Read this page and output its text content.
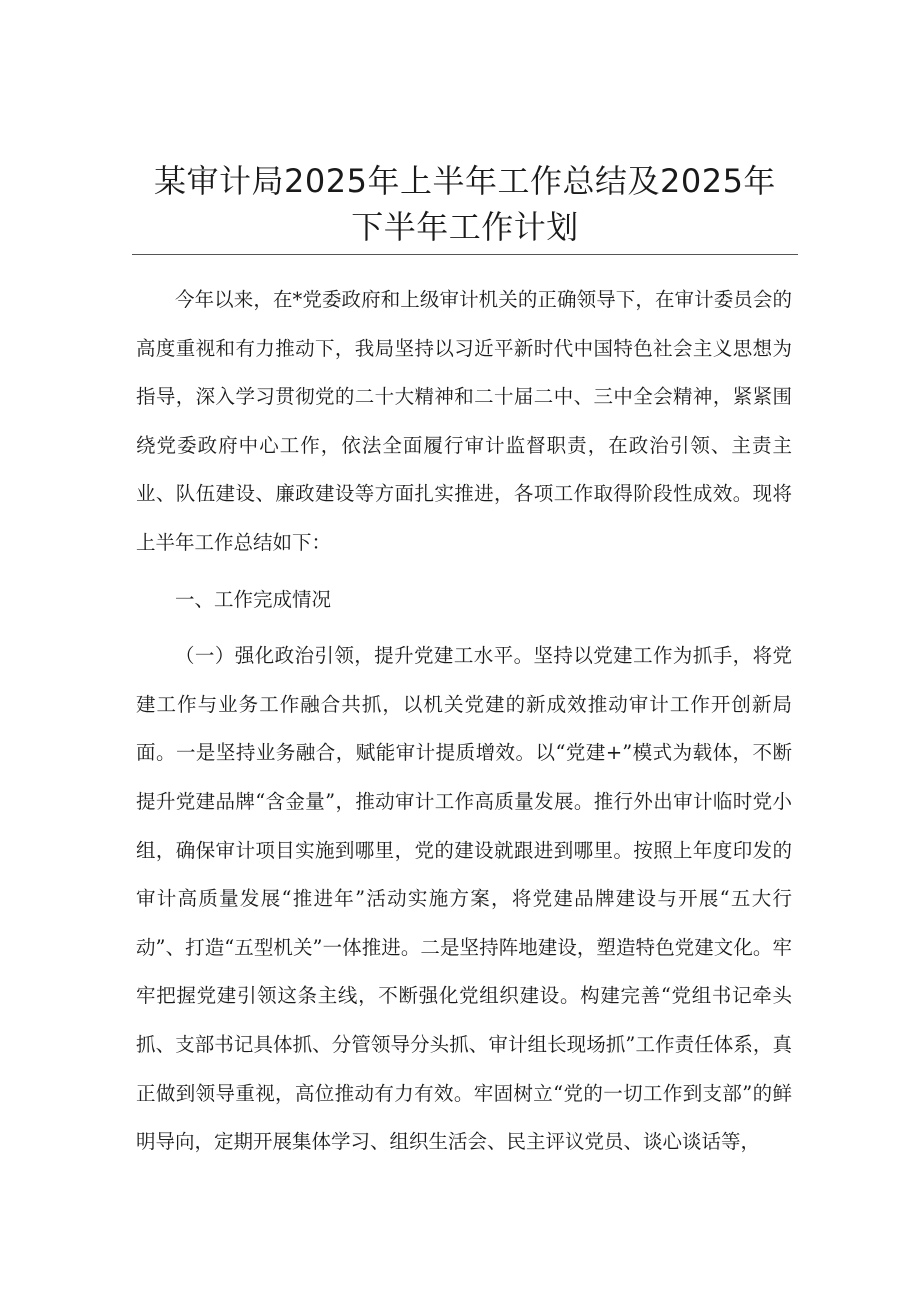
某审计局2025年上半年工作总结及2025年
下半年工作计划

今年以来，在*党委政府和上级审计机关的正确领导下，在审计委员会的高度重视和有力推动下，我局坚持以习近平新时代中国特色社会主义思想为指导，深入学习贯彻党的二十大精神和二十届二中、三中全会精神，紧紧围绕党委政府中心工作，依法全面履行审计监督职责，在政治引领、主责主业、队伍建设、廉政建设等方面扎实推进，各项工作取得阶段性成效。现将上半年工作总结如下：

一、工作完成情况

（一）强化政治引领，提升党建工水平。坚持以党建工作为抓手，将党建工作与业务工作融合共抓，以机关党建的新成效推动审计工作开创新局面。一是坚持业务融合，赋能审计提质增效。以“党建+”模式为载体，不断提升党建品牌“含金量”，推动审计工作高质量发展。推行外出审计临时党小组，确保审计项目实施到哪里，党的建设就跟进到哪里。按照上年度印发的审计高质量发展“推进年”活动实施方案，将党建品牌建设与开展“五大行动”、打造“五型机关”一体推进。二是坚持阵地建设，塑造特色党建文化。牢牢把握党建引领这条主线，不断强化党组织建设。构建完善“党组书记牵头抓、支部书记具体抓、分管领导分头抓、审计组长现场抓”工作责任体系，真正做到领导重视，高位推动有力有效。牢固树立“党的一切工作到支部”的鲜明导向，定期开展集体学习、组织生活会、民主评议党员、谈心谈话等，
